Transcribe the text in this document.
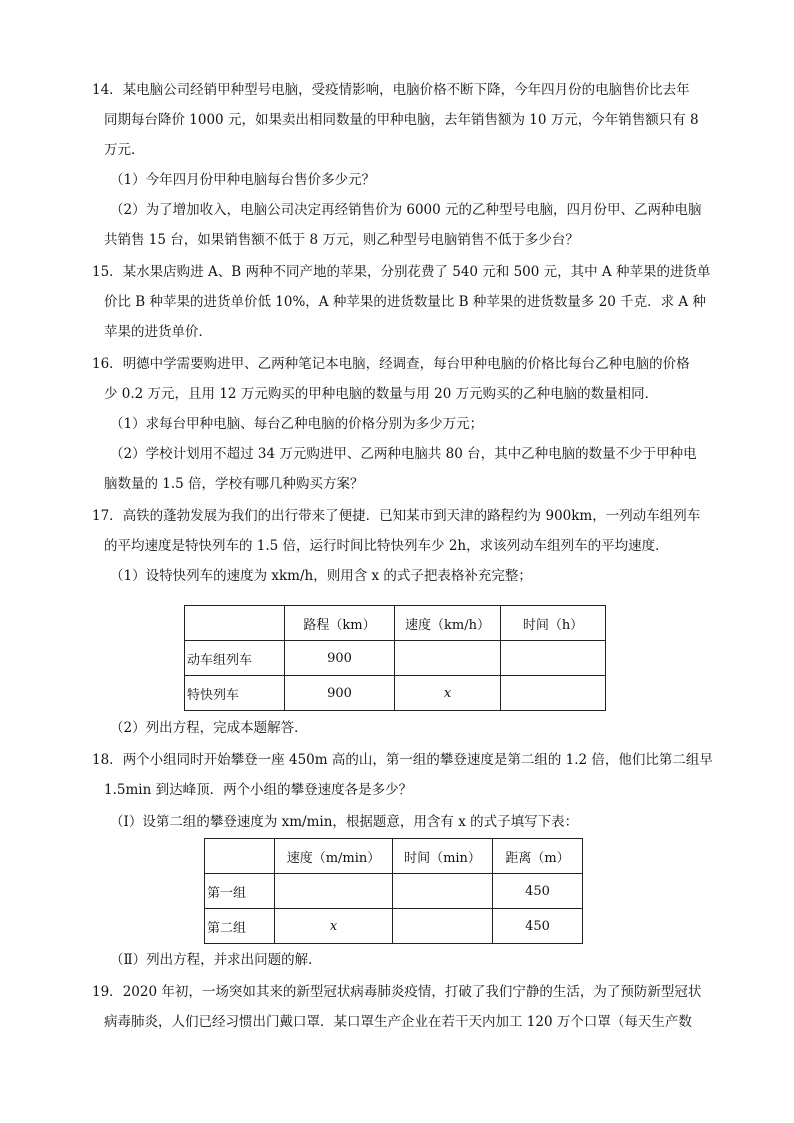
14．某电脑公司经销甲种型号电脑，受疫情影响，电脑价格不断下降，今年四月份的电脑售价比去年
同期每台降价 1000 元，如果卖出相同数量的甲种电脑，去年销售额为 10 万元，今年销售额只有 8
万元．
（1）今年四月份甲种电脑每台售价多少元？
（2）为了增加收入，电脑公司决定再经销售价为 6000 元的乙种型号电脑，四月份甲、乙两种电脑
共销售 15 台，如果销售额不低于 8 万元，则乙种型号电脑销售不低于多少台？
15．某水果店购进 A、B 两种不同产地的苹果，分别花费了 540 元和 500 元，其中 A 种苹果的进货单
价比 B 种苹果的进货单价低 10%，A 种苹果的进货数量比 B 种苹果的进货数量多 20 千克．求 A 种
苹果的进货单价．
16．明德中学需要购进甲、乙两种笔记本电脑，经调查，每台甲种电脑的价格比每台乙种电脑的价格
少 0.2 万元，且用 12 万元购买的甲种电脑的数量与用 20 万元购买的乙种电脑的数量相同．
（1）求每台甲种电脑、每台乙种电脑的价格分别为多少万元；
（2）学校计划用不超过 34 万元购进甲、乙两种电脑共 80 台，其中乙种电脑的数量不少于甲种电
脑数量的 1.5 倍，学校有哪几种购买方案？
17．高铁的蓬勃发展为我们的出行带来了便捷．已知某市到天津的路程约为 900km，一列动车组列车
的平均速度是特快列车的 1.5 倍，运行时间比特快列车少 2h，求该列动车组列车的平均速度．
（1）设特快列车的速度为 xkm/h，则用含 x 的式子把表格补充完整；
	路程（km）	速度（km/h）	时间（h）
动车组列车	900		
特快列车	900	x	
（2）列出方程，完成本题解答．
18．两个小组同时开始攀登一座 450m 高的山，第一组的攀登速度是第二组的 1.2 倍，他们比第二组早
1.5min 到达峰顶．两个小组的攀登速度各是多少？
（Ⅰ）设第二组的攀登速度为 xm/min，根据题意，用含有 x 的式子填写下表：
	速度（m/min）	时间（min）	距离（m）
第一组			450
第二组	x		450
（Ⅱ）列出方程，并求出问题的解．
19．2020 年初，一场突如其来的新型冠状病毒肺炎疫情，打破了我们宁静的生活，为了预防新型冠状
病毒肺炎，人们已经习惯出门戴口罩．某口罩生产企业在若干天内加工 120 万个口罩（每天生产数
